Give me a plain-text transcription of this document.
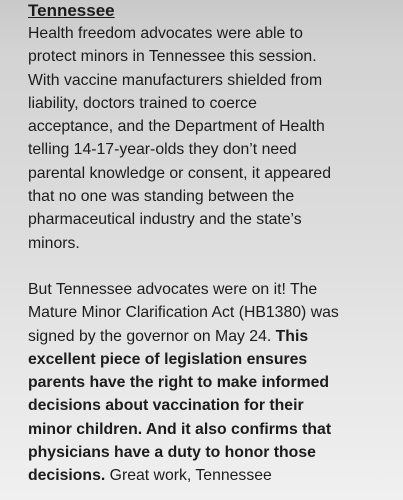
Tennessee
Health freedom advocates were able to
protect minors in Tennessee this session.
With vaccine manufacturers shielded from
liability, doctors trained to coerce
acceptance, and the Department of Health
telling 14-17-year-olds they don’t need
parental knowledge or consent, it appeared
that no one was standing between the
pharmaceutical industry and the state’s
minors.
But Tennessee advocates were on it! The
Mature Minor Clarification Act (HB1380) was
signed by the governor on May 24. This
excellent piece of legislation ensures
parents have the right to make informed
decisions about vaccination for their
minor children. And it also confirms that
physicians have a duty to honor those
decisions. Great work, Tennessee
